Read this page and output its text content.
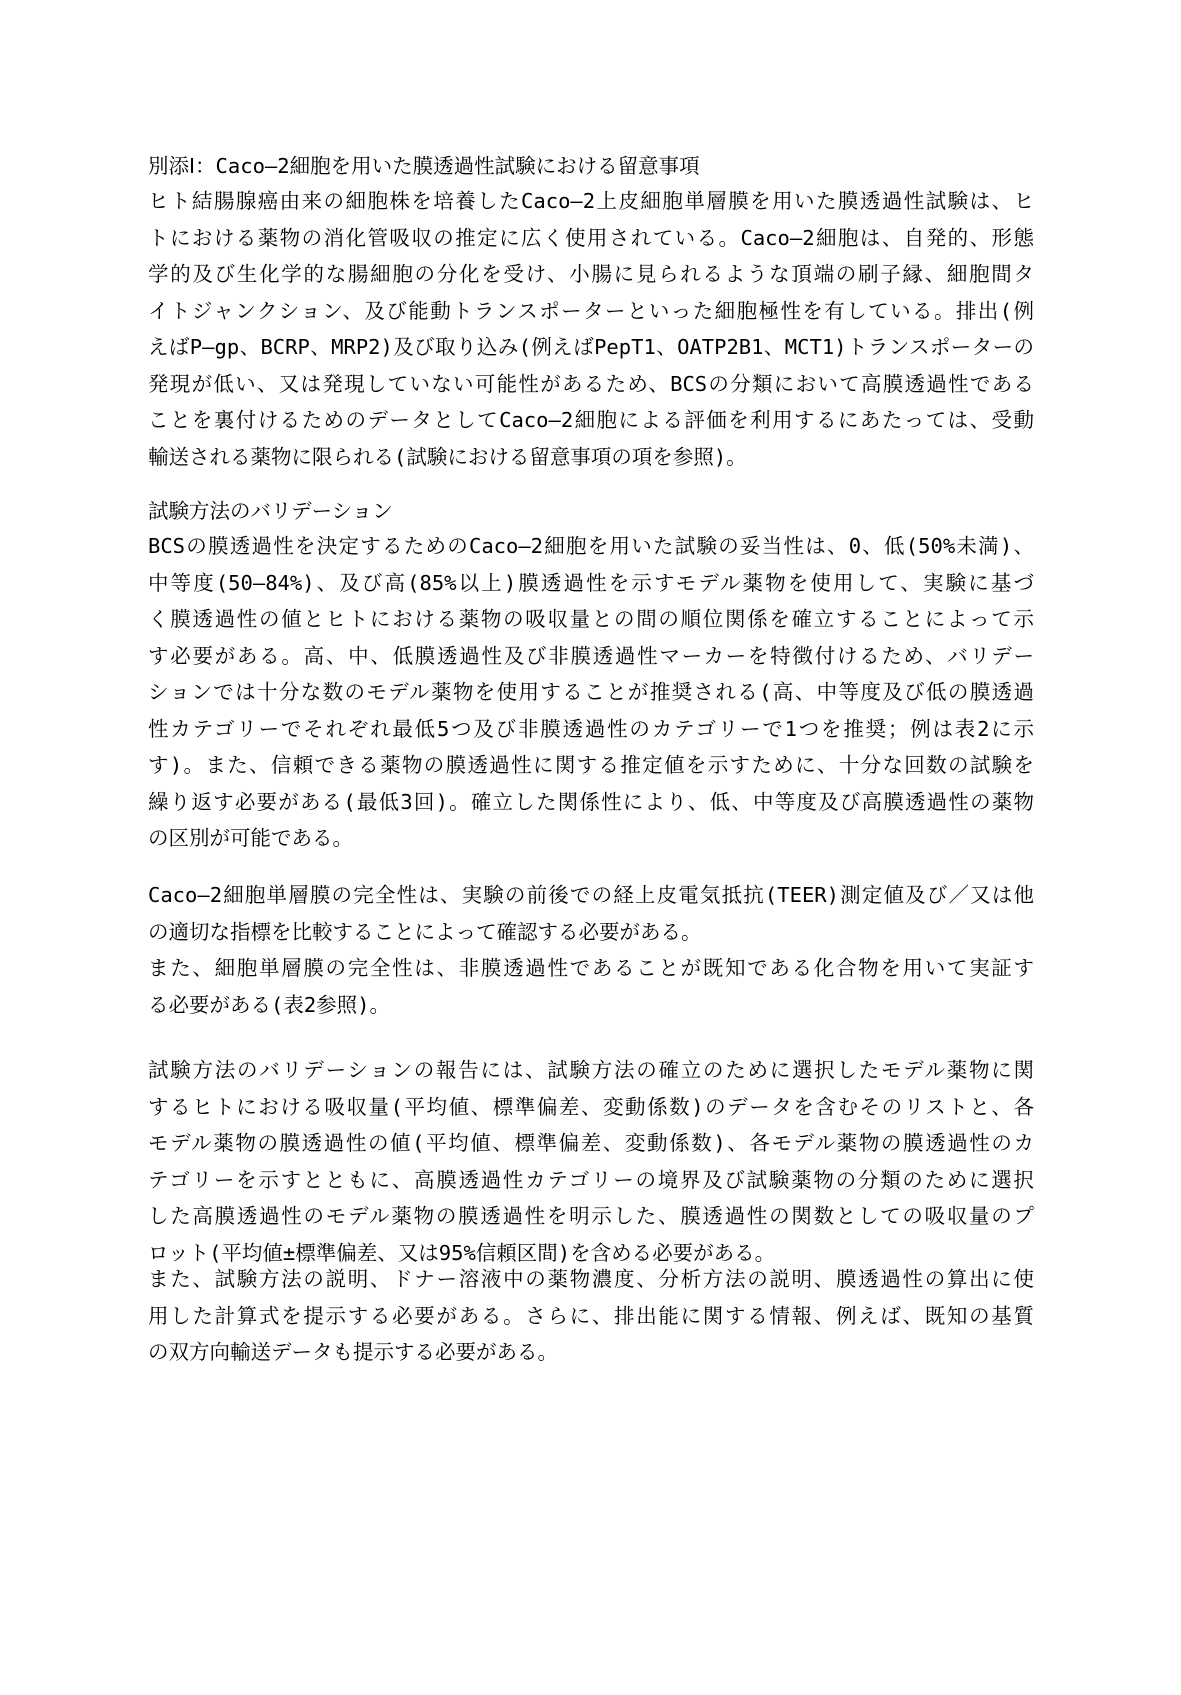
別添Ⅰ：Caco―2細胞を用いた膜透過性試験における留意事項
ヒト結腸腺癌由来の細胞株を培養したCaco―2上皮細胞単層膜を用いた膜透過性試験は、ヒ
トにおける薬物の消化管吸収の推定に広く使用されている。Caco―2細胞は、自発的、形態
学的及び生化学的な腸細胞の分化を受け、小腸に見られるような頂端の刷子縁、細胞間タ
イトジャンクション、及び能動トランスポーターといった細胞極性を有している。排出(例
えばP―gp、BCRP、MRP2)及び取り込み(例えばPepT1、OATP2B1、MCT1)トランスポーターの
発現が低い、又は発現していない可能性があるため、BCSの分類において高膜透過性である
ことを裏付けるためのデータとしてCaco―2細胞による評価を利用するにあたっては、受動
輸送される薬物に限られる(試験における留意事項の項を参照)。
試験方法のバリデーション
BCSの膜透過性を決定するためのCaco―2細胞を用いた試験の妥当性は、0、低(50%未満)、
中等度(50―84%)、及び高(85%以上)膜透過性を示すモデル薬物を使用して、実験に基づ
く膜透過性の値とヒトにおける薬物の吸収量との間の順位関係を確立することによって示
す必要がある。高、中、低膜透過性及び非膜透過性マーカーを特徴付けるため、バリデー
ションでは十分な数のモデル薬物を使用することが推奨される(高、中等度及び低の膜透過
性カテゴリーでそれぞれ最低5つ及び非膜透過性のカテゴリーで1つを推奨；例は表2に示
す)。また、信頼できる薬物の膜透過性に関する推定値を示すために、十分な回数の試験を
繰り返す必要がある(最低3回)。確立した関係性により、低、中等度及び高膜透過性の薬物
の区別が可能である。
Caco―2細胞単層膜の完全性は、実験の前後での経上皮電気抵抗(TEER)測定値及び／又は他
の適切な指標を比較することによって確認する必要がある。
また、細胞単層膜の完全性は、非膜透過性であることが既知である化合物を用いて実証す
る必要がある(表2参照)。
試験方法のバリデーションの報告には、試験方法の確立のために選択したモデル薬物に関
するヒトにおける吸収量(平均値、標準偏差、変動係数)のデータを含むそのリストと、各
モデル薬物の膜透過性の値(平均値、標準偏差、変動係数)、各モデル薬物の膜透過性のカ
テゴリーを示すとともに、高膜透過性カテゴリーの境界及び試験薬物の分類のために選択
した高膜透過性のモデル薬物の膜透過性を明示した、膜透過性の関数としての吸収量のプ
ロット(平均値±標準偏差、又は95%信頼区間)を含める必要がある。
また、試験方法の説明、ドナー溶液中の薬物濃度、分析方法の説明、膜透過性の算出に使
用した計算式を提示する必要がある。さらに、排出能に関する情報、例えば、既知の基質
の双方向輸送データも提示する必要がある。
